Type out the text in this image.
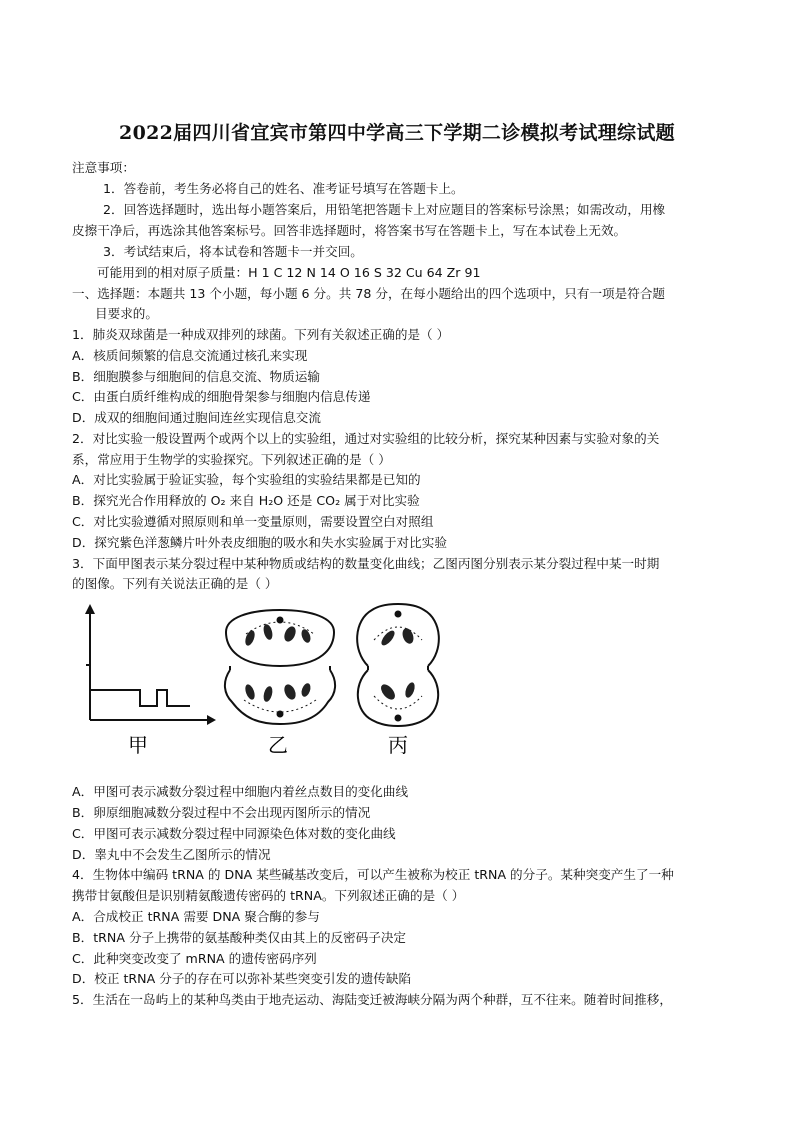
2022届四川省宜宾市第四中学高三下学期二诊模拟考试理综试题
注意事项：
1．答卷前，考生务必将自己的姓名、准考证号填写在答题卡上。
2．回答选择题时，选出每小题答案后，用铅笔把答题卡上对应题目的答案标号涂黑；如需改动，用橡
皮擦干净后，再选涂其他答案标号。回答非选择题时，将答案书写在答题卡上，写在本试卷上无效。
3．考试结束后，将本试卷和答题卡一并交回。
可能用到的相对原子质量：H 1 C 12 N 14 O 16 S 32 Cu 64 Zr 91
一、选择题：本题共 13 个小题，每小题 6 分。共 78 分，在每小题给出的四个选项中，只有一项是符合题
目要求的。
1．肺炎双球菌是一种成双排列的球菌。下列有关叙述正确的是（ ）
A．核质间频繁的信息交流通过核孔来实现
B．细胞膜参与细胞间的信息交流、物质运输
C．由蛋白质纤维构成的细胞骨架参与细胞内信息传递
D．成双的细胞间通过胞间连丝实现信息交流
2．对比实验一般设置两个或两个以上的实验组，通过对实验组的比较分析，探究某种因素与实验对象的关
系，常应用于生物学的实验探究。下列叙述正确的是（ ）
A．对比实验属于验证实验，每个实验组的实验结果都是已知的
B．探究光合作用释放的 O₂ 来自 H₂O 还是 CO₂ 属于对比实验
C．对比实验遵循对照原则和单一变量原则，需要设置空白对照组
D．探究紫色洋葱鳞片叶外表皮细胞的吸水和失水实验属于对比实验
3．下面甲图表示某分裂过程中某种物质或结构的数量变化曲线；乙图丙图分别表示某分裂过程中某一时期
的图像。下列有关说法正确的是（ ）
甲	乙	丙
A．甲图可表示减数分裂过程中细胞内着丝点数目的变化曲线
B．卵原细胞减数分裂过程中不会出现丙图所示的情况
C．甲图可表示减数分裂过程中同源染色体对数的变化曲线
D．睾丸中不会发生乙图所示的情况
4．生物体中编码 tRNA 的 DNA 某些碱基改变后，可以产生被称为校正 tRNA 的分子。某种突变产生了一种
携带甘氨酸但是识别精氨酸遗传密码的 tRNA。下列叙述正确的是（ ）
A．合成校正 tRNA 需要 DNA 聚合酶的参与
B．tRNA 分子上携带的氨基酸种类仅由其上的反密码子决定
C．此种突变改变了 mRNA 的遗传密码序列
D．校正 tRNA 分子的存在可以弥补某些突变引发的遗传缺陷
5．生活在一岛屿上的某种鸟类由于地壳运动、海陆变迁被海峡分隔为两个种群，互不往来。随着时间推移，
